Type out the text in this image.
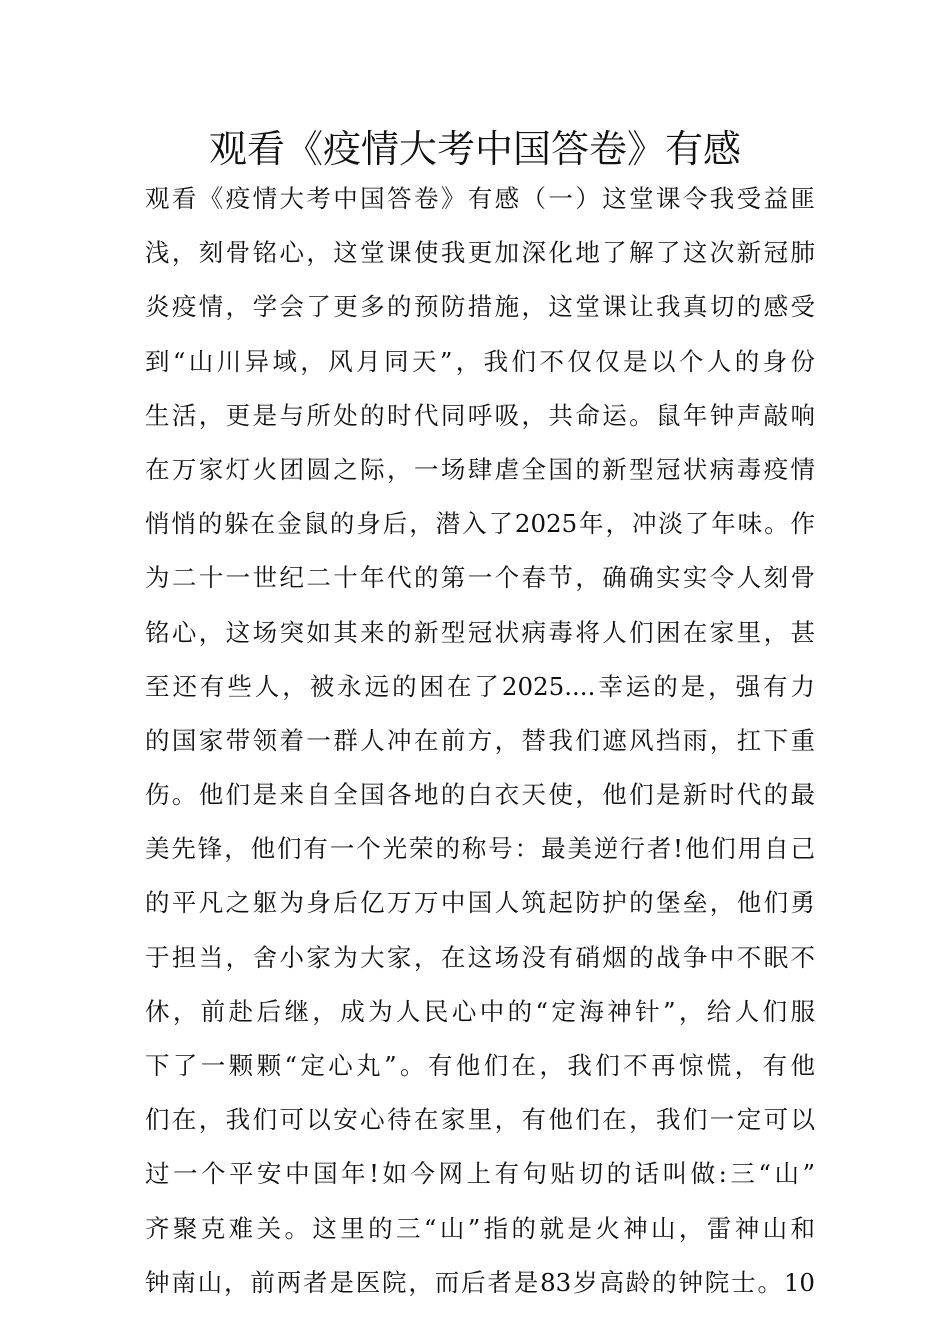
观看《疫情大考中国答卷》有感
观看《疫情大考中国答卷》有感（一）这堂课令我受益匪
浅，刻骨铭心，这堂课使我更加深化地了解了这次新冠肺
炎疫情，学会了更多的预防措施，这堂课让我真切的感受
到“山川异域，风月同天”，我们不仅仅是以个人的身份
生活，更是与所处的时代同呼吸，共命运。鼠年钟声敲响
在万家灯火团圆之际，一场肆虐全国的新型冠状病毒疫情
悄悄的躲在金鼠的身后，潜入了2025年，冲淡了年味。作
为二十一世纪二十年代的第一个春节，确确实实令人刻骨
铭心，这场突如其来的新型冠状病毒将人们困在家里，甚
至还有些人，被永远的困在了2025....幸运的是，强有力
的国家带领着一群人冲在前方，替我们遮风挡雨，扛下重
伤。他们是来自全国各地的白衣天使，他们是新时代的最
美先锋，他们有一个光荣的称号：最美逆行者!他们用自己
的平凡之躯为身后亿万万中国人筑起防护的堡垒，他们勇
于担当，舍小家为大家，在这场没有硝烟的战争中不眠不
休，前赴后继，成为人民心中的“定海神针”，给人们服
下了一颗颗“定心丸”。有他们在，我们不再惊慌，有他
们在，我们可以安心待在家里，有他们在，我们一定可以
过一个平安中国年!如今网上有句贴切的话叫做:三“山”
齐聚克难关。这里的三“山”指的就是火神山，雷神山和
钟南山，前两者是医院，而后者是83岁高龄的钟院士。10
